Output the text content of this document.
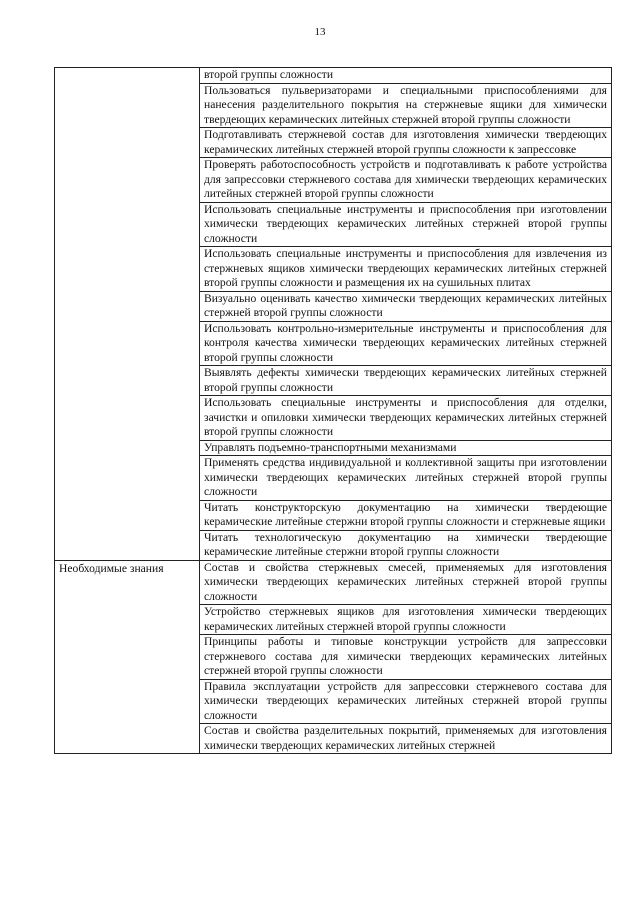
13
	второй группы сложности
	Пользоваться пульверизаторами и специальными приспособлениями для нанесения разделительного покрытия на стержневые ящики для химически твердеющих керамических литейных стержней второй группы сложности
	Подготавливать стержневой состав для изготовления химически твердеющих керамических литейных стержней второй группы сложности к запрессовке
	Проверять работоспособность устройств и подготавливать к работе устройства для запрессовки стержневого состава для химически твердеющих керамических литейных стержней второй группы сложности
	Использовать специальные инструменты и приспособления при изготовлении химически твердеющих керамических литейных стержней второй группы сложности
	Использовать специальные инструменты и приспособления для извлечения из стержневых ящиков химически твердеющих керамических литейных стержней второй группы сложности и размещения их на сушильных плитах
	Визуально оценивать качество химически твердеющих керамических литейных стержней второй группы сложности
	Использовать контрольно-измерительные инструменты и приспособления для контроля качества химически твердеющих керамических литейных стержней второй группы сложности
	Выявлять дефекты химически твердеющих керамических литейных стержней второй группы сложности
	Использовать специальные инструменты и приспособления для отделки, зачистки и опиловки химически твердеющих керамических литейных стержней второй группы сложности
	Управлять подъемно-транспортными механизмами
	Применять средства индивидуальной и коллективной защиты при изготовлении химически твердеющих керамических литейных стержней второй группы сложности
	Читать конструкторскую документацию на химически твердеющие керамические литейные стержни второй группы сложности и стержневые ящики
	Читать технологическую документацию на химически твердеющие керамические литейные стержни второй группы сложности

Необходимые знания	Состав и свойства стержневых смесей, применяемых для изготовления химически твердеющих керамических литейных стержней второй группы сложности
	Устройство стержневых ящиков для изготовления химически твердеющих керамических литейных стержней второй группы сложности
	Принципы работы и типовые конструкции устройств для запрессовки стержневого состава для химически твердеющих керамических литейных стержней второй группы сложности
	Правила эксплуатации устройств для запрессовки стержневого состава для химически твердеющих керамических литейных стержней второй группы сложности
	Состав и свойства разделительных покрытий, применяемых для изготовления химически твердеющих керамических литейных стержней
